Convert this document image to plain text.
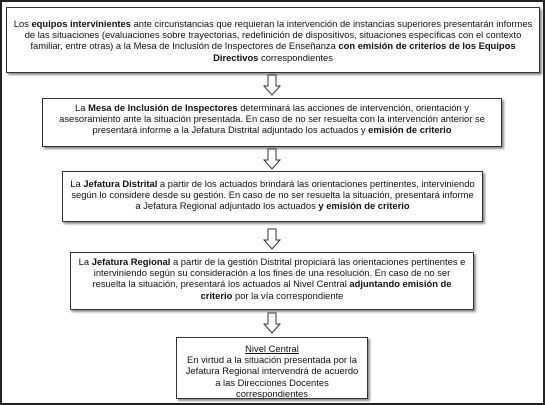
Los equipos intervinientes ante circunstancias que requieran la intervención de instancias superiores presentarán informes de las situaciones (evaluaciones sobre trayectorias, redefinición de dispositivos, situaciones específicas con el contexto familiar, entre otras) a la Mesa de Inclusión de Inspectores de Enseñanza con emisión de criterios de los Equipos Directivos correspondientes
La Mesa de Inclusión de Inspectores determinará las acciones de intervención, orientación y asesoramiento ante la situación presentada. En caso de no ser resuelta con la intervención anterior se presentará informe a la Jefatura Distrital adjuntado los actuados y emisión de criterio
La Jefatura Distrital a partir de los actuados brindará las orientaciones pertinentes, interviniendo según lo considere desde su gestión. En caso de no ser resuelta la situación, presentará informe a Jefatura Regional adjuntado los actuados y emisión de criterio
La Jefatura Regional a partir de la gestión Distrital propiciará las orientaciones pertinentes e interviniendo según su consideración a los fines de una resolución. En caso de no ser resuelta la situación, presentará los actuados al Nivel Central adjuntando emisión de criterio por la vía correspondiente
Nivel Central
En virtud a la situación presentada por la Jefatura Regional intervendrá de acuerdo a las Direcciones Docentes correspondientes
